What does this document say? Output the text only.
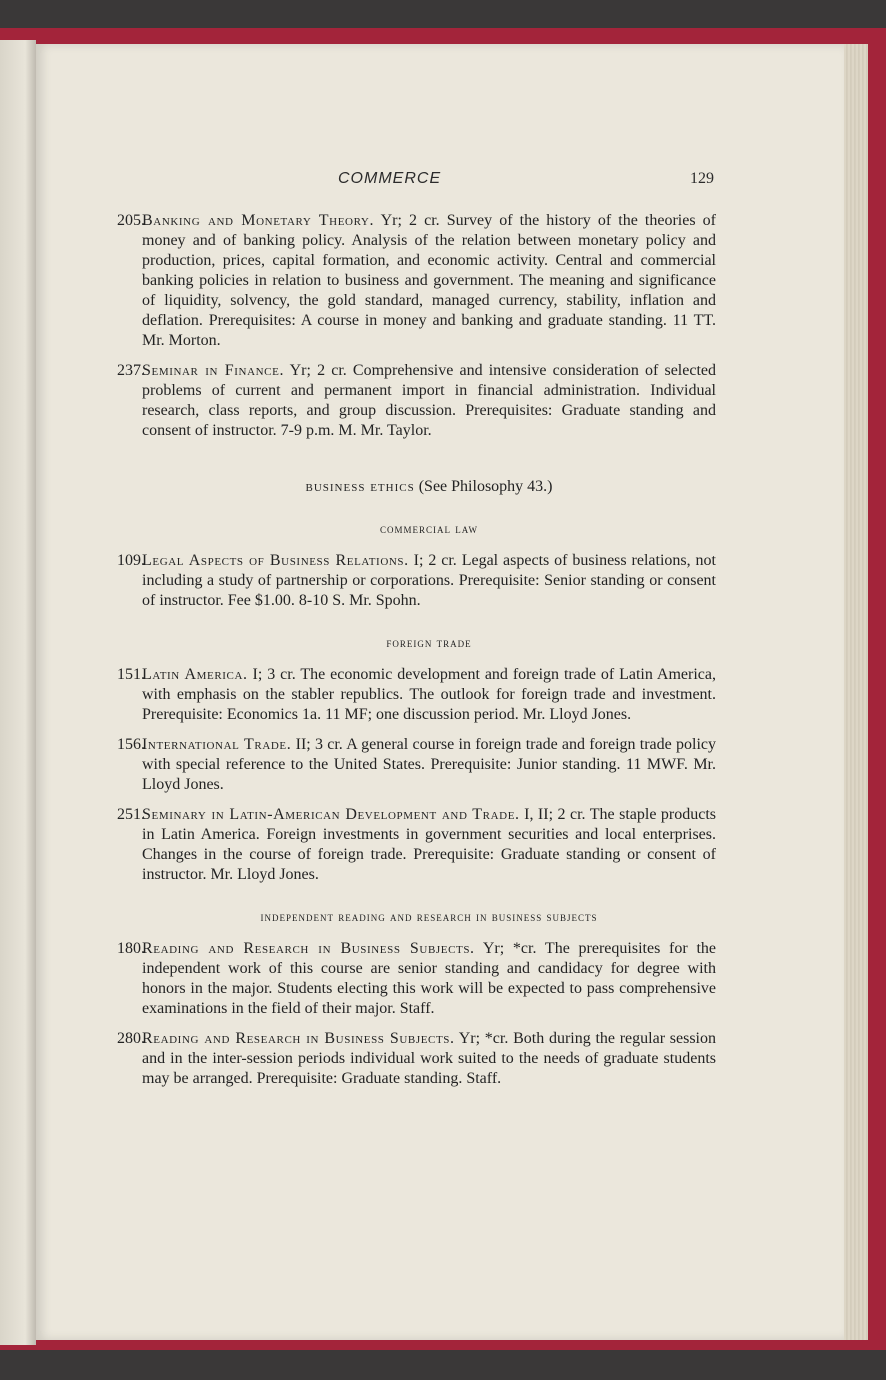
COMMERCE	129
205.
Banking and Monetary Theory. Yr; 2 cr. Survey of the history of the theories of money and of banking policy. Analysis of the relation between monetary policy and production, prices, capital formation, and economic activity. Central and commercial banking policies in relation to business and government. The meaning and significance of liquidity, solvency, the gold standard, managed currency, stability, inflation and deflation. Prerequisites: A course in money and banking and graduate standing. 11 TT. Mr. Morton.
237.
Seminar in Finance. Yr; 2 cr. Comprehensive and intensive consideration of selected problems of current and permanent import in financial administration. Individual research, class reports, and group discussion. Prerequisites: Graduate standing and consent of instructor. 7-9 p.m. M. Mr. Taylor.
business ethics (See Philosophy 43.)
commercial law
109.
Legal Aspects of Business Relations. I; 2 cr. Legal aspects of business relations, not including a study of partnership or corporations. Prerequisite: Senior standing or consent of instructor. Fee $1.00. 8-10 S. Mr. Spohn.
foreign trade
151.
Latin America. I; 3 cr. The economic development and foreign trade of Latin America, with emphasis on the stabler republics. The outlook for foreign trade and investment. Prerequisite: Economics 1a. 11 MF; one discussion period. Mr. Lloyd Jones.
156.
International Trade. II; 3 cr. A general course in foreign trade and foreign trade policy with special reference to the United States. Prerequisite: Junior standing. 11 MWF. Mr. Lloyd Jones.
251.
Seminary in Latin-American Development and Trade. I, II; 2 cr. The staple products in Latin America. Foreign investments in government securities and local enterprises. Changes in the course of foreign trade. Prerequisite: Graduate standing or consent of instructor. Mr. Lloyd Jones.
independent reading and research in business subjects
180.
Reading and Research in Business Subjects. Yr; *cr. The prerequisites for the independent work of this course are senior standing and candidacy for degree with honors in the major. Students electing this work will be expected to pass comprehensive examinations in the field of their major. Staff.
280.
Reading and Research in Business Subjects. Yr; *cr. Both during the regular session and in the inter-session periods individual work suited to the needs of graduate students may be arranged. Prerequisite: Graduate standing. Staff.
